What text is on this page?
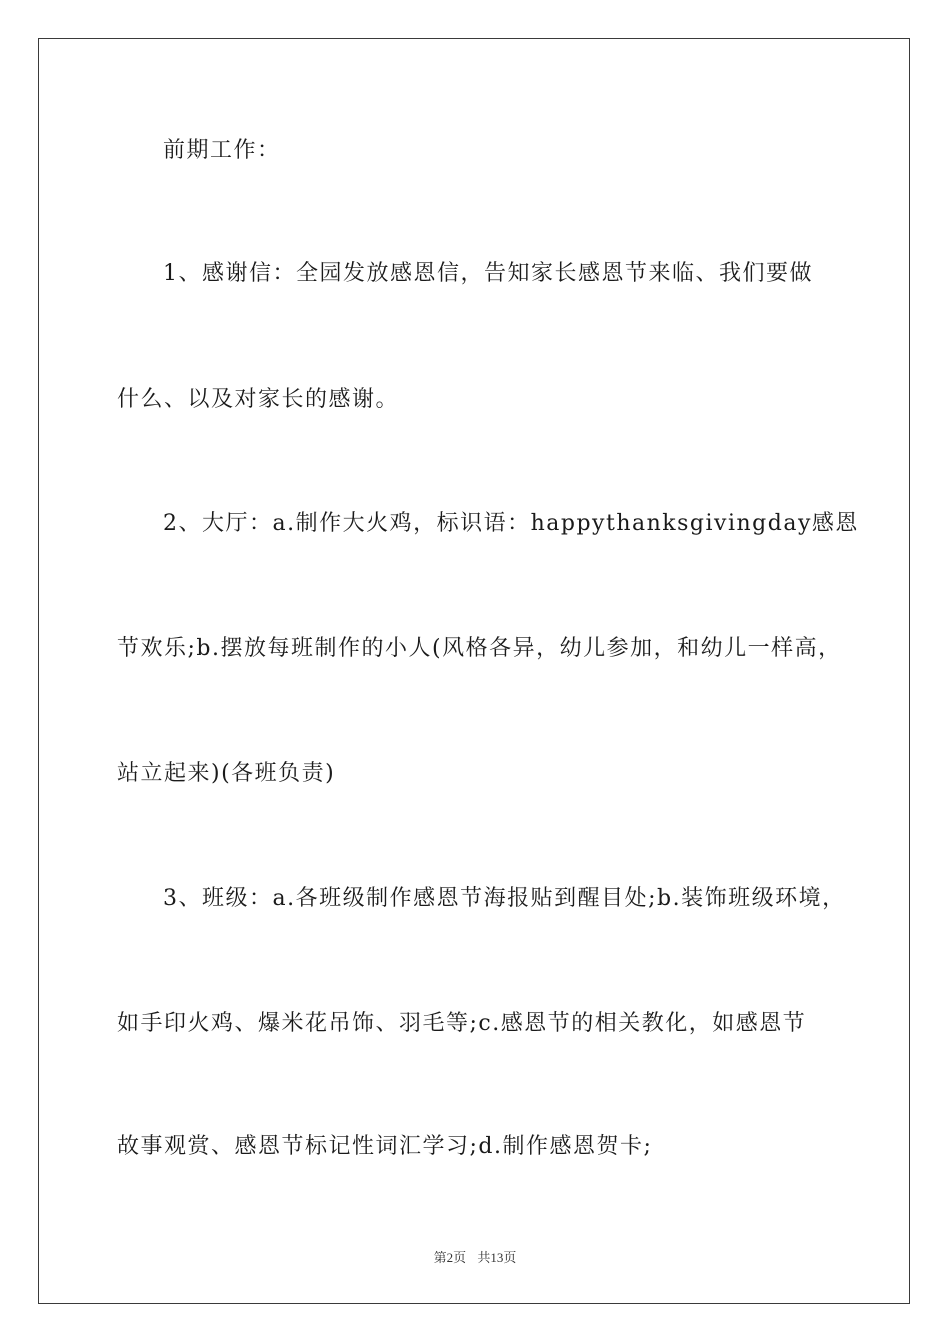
前期工作：
1、感谢信：全园发放感恩信，告知家长感恩节来临、我们要做
什么、以及对家长的感谢。
2、大厅：a.制作大火鸡，标识语：happythanksgivingday感恩
节欢乐;b.摆放每班制作的小人(风格各异，幼儿参加，和幼儿一样高，
站立起来)(各班负责)
3、班级：a.各班级制作感恩节海报贴到醒目处;b.装饰班级环境，
如手印火鸡、爆米花吊饰、羽毛等;c.感恩节的相关教化，如感恩节
故事观赏、感恩节标记性词汇学习;d.制作感恩贺卡;
第2页 共13页
